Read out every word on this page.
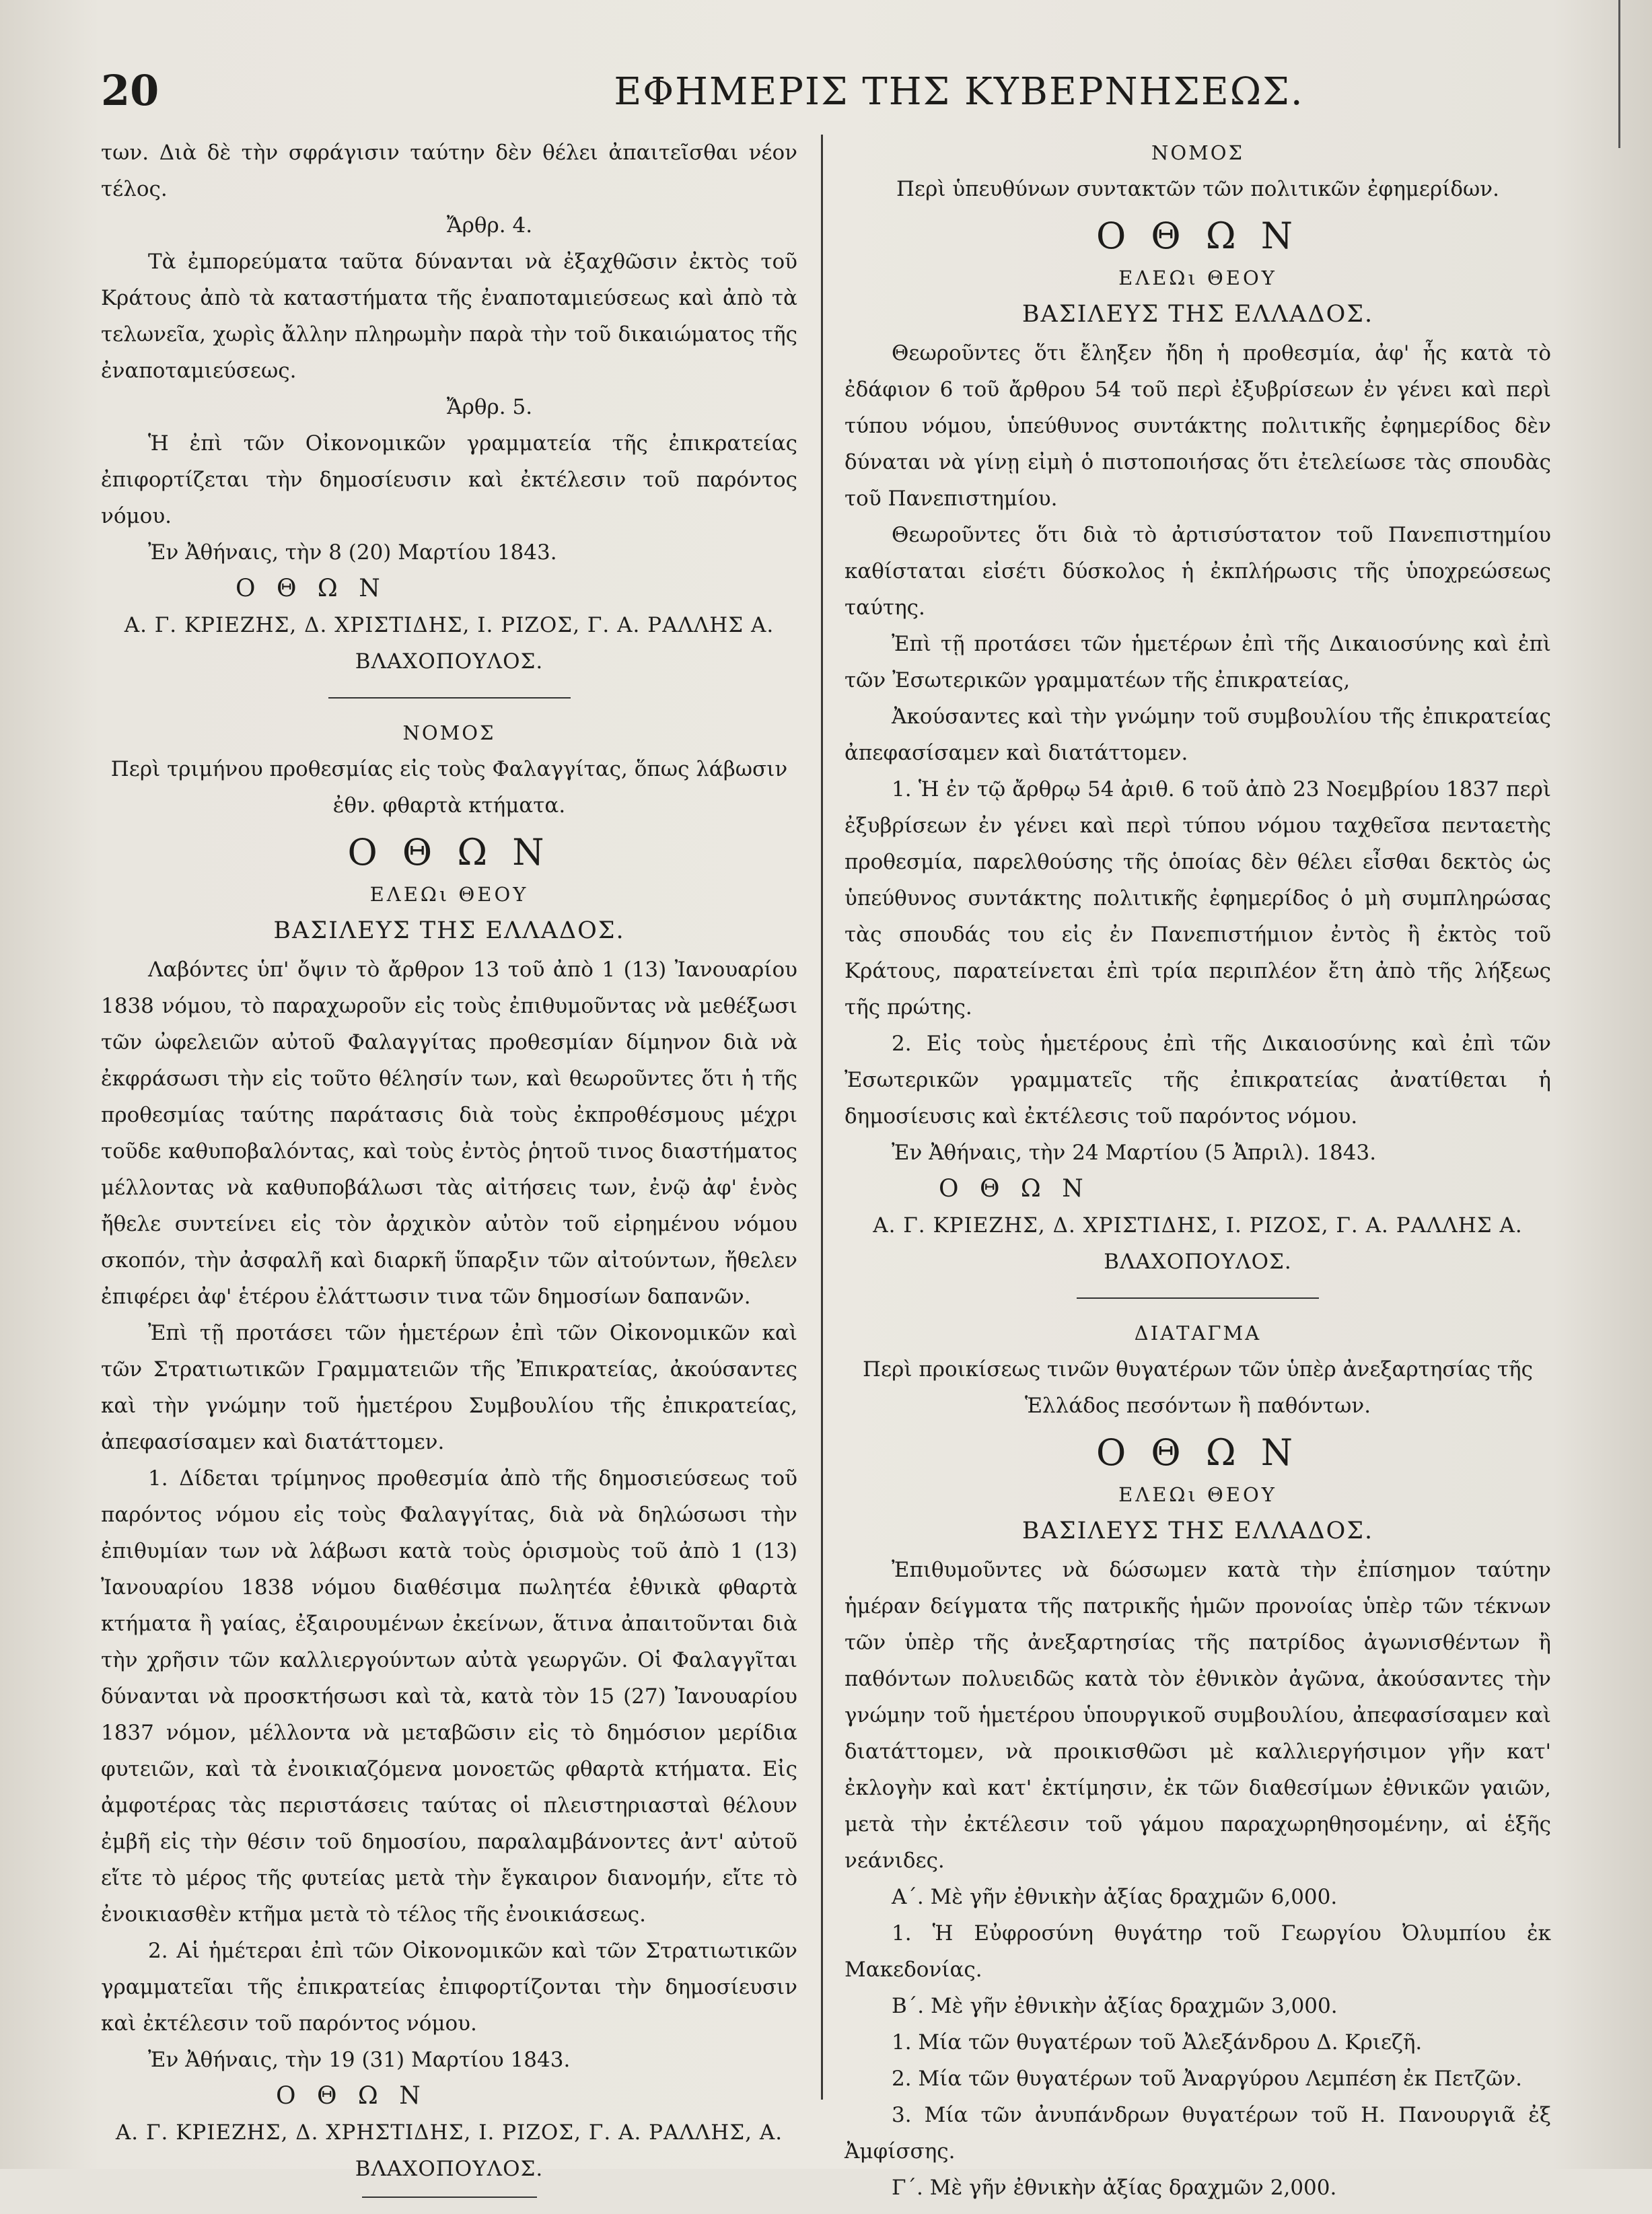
20	ΕΦΗΜΕΡΙΣ ΤΗΣ ΚΥΒΕΡΝΗΣΕΩΣ.

των. Διὰ δὲ τὴν σφράγισιν ταύτην δὲν θέλει ἀπαιτεῖσθαι νέον τέλος.

Ἄρθρ. 4.

Τὰ ἐμπορεύματα ταῦτα δύνανται νὰ ἐξαχθῶσιν ἐκτὸς τοῦ Κράτους ἀπὸ τὰ καταστήματα τῆς ἐναποταμιεύσεως καὶ ἀπὸ τὰ τελωνεῖα, χωρὶς ἄλλην πληρωμὴν παρὰ τὴν τοῦ δικαιώματος τῆς ἐναποταμιεύσεως.

Ἄρθρ. 5.

Ἡ ἐπὶ τῶν Οἰκονομικῶν γραμματεία τῆς ἐπικρατείας ἐπιφορτίζεται τὴν δημοσίευσιν καὶ ἐκτέλεσιν τοῦ παρόντος νόμου.

Ἐν Ἀθήναις, τὴν 8 (20) Μαρτίου 1843.

Ο Θ Ω Ν

Α. Γ. ΚΡΙΕΖΗΣ, Δ. ΧΡΙΣΤΙΔΗΣ, Ι. ΡΙΖΟΣ, Γ. Α. ΡΑΛΛΗΣ Α. ΒΛΑΧΟΠΟΥΛΟΣ.

ΝΟΜΟΣ

Περὶ τριμήνου προθεσμίας εἰς τοὺς Φαλαγγίτας, ὅπως λάβωσιν ἐθν. φθαρτὰ κτήματα.

Ο Θ Ω Ν

ΕΛΕΩι ΘΕΟΥ

ΒΑΣΙΛΕΥΣ ΤΗΣ ΕΛΛΑΔΟΣ.

Λαβόντες ὑπ' ὄψιν τὸ ἄρθρον 13 τοῦ ἀπὸ 1 (13) Ἰανουαρίου 1838 νόμου, τὸ παραχωροῦν εἰς τοὺς ἐπιθυμοῦντας νὰ μεθέξωσι τῶν ὠφελειῶν αὐτοῦ Φαλαγγίτας προθεσμίαν δίμηνον διὰ νὰ ἐκφράσωσι τὴν εἰς τοῦτο θέλησίν των, καὶ θεωροῦντες ὅτι ἡ τῆς προθεσμίας ταύτης παράτασις διὰ τοὺς ἐκπροθέσμους μέχρι τοῦδε καθυποβαλόντας, καὶ τοὺς ἐντὸς ῥητοῦ τινος διαστήματος μέλλοντας νὰ καθυποβάλωσι τὰς αἰτήσεις των, ἐνῷ ἀφ' ἑνὸς ἤθελε συντείνει εἰς τὸν ἀρχικὸν αὐτὸν τοῦ εἰρημένου νόμου σκοπόν, τὴν ἀσφαλῆ καὶ διαρκῆ ὕπαρξιν τῶν αἰτούντων, ἤθελεν ἐπιφέρει ἀφ' ἑτέρου ἐλάττωσιν τινα τῶν δημοσίων δαπανῶν.

Ἐπὶ τῇ προτάσει τῶν ἡμετέρων ἐπὶ τῶν Οἰκονομικῶν καὶ τῶν Στρατιωτικῶν Γραμματειῶν τῆς Ἐπικρατείας, ἀκούσαντες καὶ τὴν γνώμην τοῦ ἡμετέρου Συμβουλίου τῆς ἐπικρατείας, ἀπεφασίσαμεν καὶ διατάττομεν.

1. Δίδεται τρίμηνος προθεσμία ἀπὸ τῆς δημοσιεύσεως τοῦ παρόντος νόμου εἰς τοὺς Φαλαγγίτας, διὰ νὰ δηλώσωσι τὴν ἐπιθυμίαν των νὰ λάβωσι κατὰ τοὺς ὁρισμοὺς τοῦ ἀπὸ 1 (13) Ἰανουαρίου 1838 νόμου διαθέσιμα πωλητέα ἐθνικὰ φθαρτὰ κτήματα ἢ γαίας, ἐξαιρουμένων ἐκείνων, ἅτινα ἀπαιτοῦνται διὰ τὴν χρῆσιν τῶν καλλιεργούντων αὐτὰ γεωργῶν. Οἱ Φαλαγγῖται δύνανται νὰ προσκτήσωσι καὶ τὰ, κατὰ τὸν 15 (27) Ἰανουαρίου 1837 νόμον, μέλλοντα νὰ μεταβῶσιν εἰς τὸ δημόσιον μερίδια φυτειῶν, καὶ τὰ ἐνοικιαζόμενα μονοετῶς φθαρτὰ κτήματα. Εἰς ἀμφοτέρας τὰς περιστάσεις ταύτας οἱ πλειστηριασταὶ θέλουν ἐμβῆ εἰς τὴν θέσιν τοῦ δημοσίου, παραλαμβάνοντες ἀντ' αὐτοῦ εἴτε τὸ μέρος τῆς φυτείας μετὰ τὴν ἔγκαιρον διανομήν, εἴτε τὸ ἐνοικιασθὲν κτῆμα μετὰ τὸ τέλος τῆς ἐνοικιάσεως.

2. Αἱ ἡμέτεραι ἐπὶ τῶν Οἰκονομικῶν καὶ τῶν Στρατιωτικῶν γραμματεῖαι τῆς ἐπικρατείας ἐπιφορτίζονται τὴν δημοσίευσιν καὶ ἐκτέλεσιν τοῦ παρόντος νόμου.

Ἐν Ἀθήναις, τὴν 19 (31) Μαρτίου 1843.

Ο Θ Ω Ν

Α. Γ. ΚΡΙΕΖΗΣ, Δ. ΧΡΗΣΤΙΔΗΣ, Ι. ΡΙΖΟΣ, Γ. Α. ΡΑΛΛΗΣ, Α. ΒΛΑΧΟΠΟΥΛΟΣ.

ΝΟΜΟΣ

Περὶ ὑπευθύνων συντακτῶν τῶν πολιτικῶν ἐφημερίδων.

Ο Θ Ω Ν

ΕΛΕΩι ΘΕΟΥ

ΒΑΣΙΛΕΥΣ ΤΗΣ ΕΛΛΑΔΟΣ.

Θεωροῦντες ὅτι ἔληξεν ἤδη ἡ προθεσμία, ἀφ' ἧς κατὰ τὸ ἐδάφιον 6 τοῦ ἄρθρου 54 τοῦ περὶ ἐξυβρίσεων ἐν γένει καὶ περὶ τύπου νόμου, ὑπεύθυνος συντάκτης πολιτικῆς ἐφημερίδος δὲν δύναται νὰ γίνῃ εἰμὴ ὁ πιστοποιήσας ὅτι ἐτελείωσε τὰς σπουδὰς τοῦ Πανεπιστημίου.

Θεωροῦντες ὅτι διὰ τὸ ἀρτισύστατον τοῦ Πανεπιστημίου καθίσταται εἰσέτι δύσκολος ἡ ἐκπλήρωσις τῆς ὑποχρεώσεως ταύτης.

Ἐπὶ τῇ προτάσει τῶν ἡμετέρων ἐπὶ τῆς Δικαιοσύνης καὶ ἐπὶ τῶν Ἐσωτερικῶν γραμματέων τῆς ἐπικρατείας,

Ἀκούσαντες καὶ τὴν γνώμην τοῦ συμβουλίου τῆς ἐπικρατείας ἀπεφασίσαμεν καὶ διατάττομεν.

1. Ἡ ἐν τῷ ἄρθρῳ 54 ἀριθ. 6 τοῦ ἀπὸ 23 Νοεμβρίου 1837 περὶ ἐξυβρίσεων ἐν γένει καὶ περὶ τύπου νόμου ταχθεῖσα πενταετὴς προθεσμία, παρελθούσης τῆς ὁποίας δὲν θέλει εἶσθαι δεκτὸς ὡς ὑπεύθυνος συντάκτης πολιτικῆς ἐφημερίδος ὁ μὴ συμπληρώσας τὰς σπουδάς του εἰς ἐν Πανεπιστήμιον ἐντὸς ἢ ἐκτὸς τοῦ Κράτους, παρατείνεται ἐπὶ τρία περιπλέον ἔτη ἀπὸ τῆς λήξεως τῆς πρώτης.

2. Εἰς τοὺς ἡμετέρους ἐπὶ τῆς Δικαιοσύνης καὶ ἐπὶ τῶν Ἐσωτερικῶν γραμματεῖς τῆς ἐπικρατείας ἀνατίθεται ἡ δημοσίευσις καὶ ἐκτέλεσις τοῦ παρόντος νόμου.

Ἐν Ἀθήναις, τὴν 24 Μαρτίου (5 Ἀπριλ). 1843.

Ο Θ Ω Ν

Α. Γ. ΚΡΙΕΖΗΣ, Δ. ΧΡΙΣΤΙΔΗΣ, Ι. ΡΙΖΟΣ, Γ. Α. ΡΑΛΛΗΣ Α. ΒΛΑΧΟΠΟΥΛΟΣ.

ΔΙΑΤΑΓΜΑ

Περὶ προικίσεως τινῶν θυγατέρων τῶν ὑπὲρ ἀνεξαρτησίας τῆς Ἑλλάδος πεσόντων ἢ παθόντων.

Ο Θ Ω Ν

ΕΛΕΩι ΘΕΟΥ

ΒΑΣΙΛΕΥΣ ΤΗΣ ΕΛΛΑΔΟΣ.

Ἐπιθυμοῦντες νὰ δώσωμεν κατὰ τὴν ἐπίσημον ταύτην ἡμέραν δείγματα τῆς πατρικῆς ἡμῶν προνοίας ὑπὲρ τῶν τέκνων τῶν ὑπὲρ τῆς ἀνεξαρτησίας τῆς πατρίδος ἀγωνισθέντων ἢ παθόντων πολυειδῶς κατὰ τὸν ἐθνικὸν ἀγῶνα, ἀκούσαντες τὴν γνώμην τοῦ ἡμετέρου ὑπουργικοῦ συμβουλίου, ἀπεφασίσαμεν καὶ διατάττομεν, νὰ προικισθῶσι μὲ καλλιεργήσιμον γῆν κατ' ἐκλογὴν καὶ κατ' ἐκτίμησιν, ἐκ τῶν διαθεσίμων ἐθνικῶν γαιῶν, μετὰ τὴν ἐκτέλεσιν τοῦ γάμου παραχωρηθησομένην, αἱ ἑξῆς νεάνιδες.

Α΄. Μὲ γῆν ἐθνικὴν ἀξίας δραχμῶν 6,000.

1. Ἡ Εὐφροσύνη θυγάτηρ τοῦ Γεωργίου Ὀλυμπίου ἐκ Μακεδονίας.

Β΄. Μὲ γῆν ἐθνικὴν ἀξίας δραχμῶν 3,000.

1. Μία τῶν θυγατέρων τοῦ Ἀλεξάνδρου Δ. Κριεζῆ.

2. Μία τῶν θυγατέρων τοῦ Ἀναργύρου Λεμπέση ἐκ Πετζῶν.

3. Μία τῶν ἀνυπάνδρων θυγατέρων τοῦ Η. Πανουργιᾶ ἐξ Ἀμφίσσης.

Γ΄. Μὲ γῆν ἐθνικὴν ἀξίας δραχμῶν 2,000.
